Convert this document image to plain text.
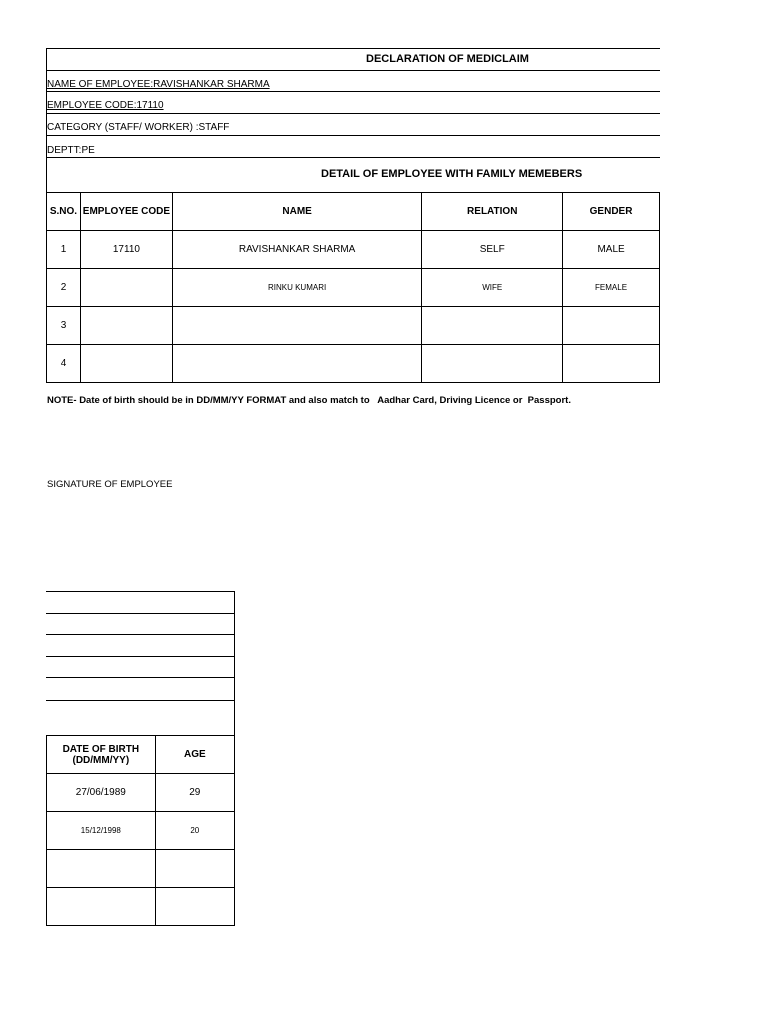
DECLARATION OF MEDICLAIM
NAME OF EMPLOYEE:RAVISHANKAR SHARMA
EMPLOYEE CODE:17110
CATEGORY (STAFF/ WORKER) :STAFF
DEPTT:PE
DETAIL OF EMPLOYEE WITH FAMILY MEMEBERS
S.NO.	EMPLOYEE CODE	NAME	RELATION	GENDER
1	17110	RAVISHANKAR SHARMA	SELF	MALE
2		RINKU KUMARI	WIFE	FEMALE
3				
4				
NOTE- Date of birth should be in DD/MM/YY FORMAT and also match to   Aadhar Card, Driving Licence or  Passport.
SIGNATURE OF EMPLOYEE
DATE OF BIRTH
(DD/MM/YY)	AGE
27/06/1989	29
15/12/1998	20
